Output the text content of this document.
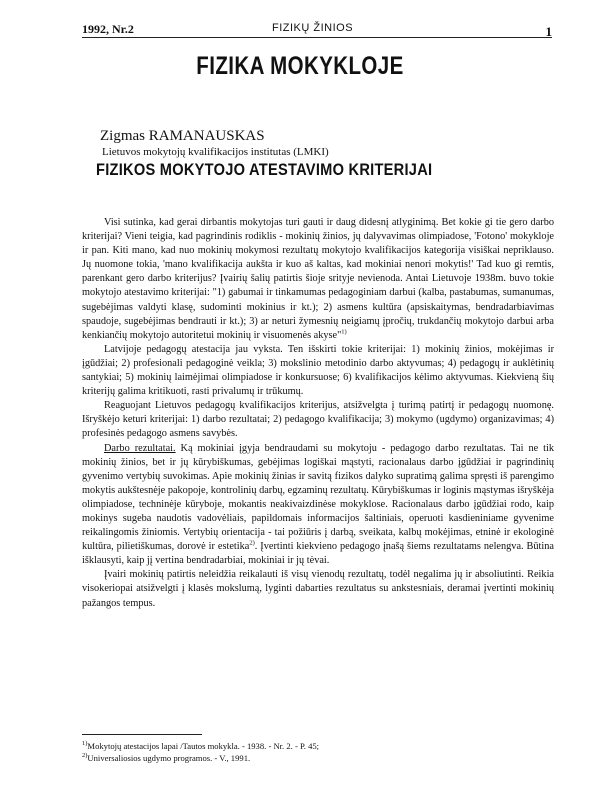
1992, Nr.2	FIZIKŲ ŽINIOS	1
FIZIKA MOKYKLOJE
Zigmas RAMANAUSKAS
Lietuvos mokytojų kvalifikacijos institutas (LMKI)
FIZIKOS MOKYTOJO ATESTAVIMO KRITERIJAI

Visi sutinka, kad gerai dirbantis mokytojas turi gauti ir daug didesnį atlyginimą. Bet kokie gi tie gero darbo kriterijai? Vieni teigia, kad pagrindinis rodiklis - mokinių žinios, jų dalyvavimas olimpiadose, 'Fotono' mokykloje ir pan. Kiti mano, kad nuo mokinių mokymosi rezultatų mokytojo kvalifikacijos kategorija visiškai nepriklauso. Jų nuomone tokia, 'mano kvalifikacija aukšta ir kuo aš kaltas, kad mokiniai nenori mokytis!' Tad kuo gi remtis, parenkant gero darbo kriterijus? Įvairių šalių patirtis šioje srityje nevienoda. Antai Lietuvoje 1938m. buvo tokie mokytojo atestavimo kriterijai: "1) gabumai ir tinkamumas pedagoginiam darbui (kalba, pastabumas, sumanumas, sugebėjimas valdyti klasę, sudominti mokinius ir kt.); 2) asmens kultūra (apsiskaitymas, bendradarbiavimas spaudoje, sugebėjimas bendrauti ir kt.); 3) ar neturi žymesnių neigiamų įpročių, trukdančių mokytojo darbui arba kenkiančių mokytojo autoritetui mokinių ir visuomenės akyse"$^{1)}$

Latvijoje pedagogų atestacija jau vyksta. Ten išskirti tokie kriterijai: 1) mokinių žinios, mokėjimas ir įgūdžiai; 2) profesionali pedagoginė veikla; 3) mokslinio metodinio darbo aktyvumas; 4) pedagogų ir auklėtinių santykiai; 5) mokinių laimėjimai olimpiadose ir konkursuose; 6) kvalifikacijos kėlimo aktyvumas. Kiekvieną šių kriterijų galima kritikuoti, rasti privalumų ir trūkumų.

Reaguojant Lietuvos pedagogų kvalifikacijos kriterijus, atsižvelgta į turimą patirtį ir pedagogų nuomonę. Išryškėjo keturi kriterijai: 1) darbo rezultatai; 2) pedagogo kvalifikacija; 3) mokymo (ugdymo) organizavimas; 4) profesinės pedagogo asmens savybės.

Darbo rezultatai. Ką mokiniai įgyja bendraudami su mokytoju - pedagogo darbo rezultatas. Tai ne tik mokinių žinios, bet ir jų kūrybiškumas, gebėjimas logiškai mąstyti, racionalaus darbo įgūdžiai ir pagrindinių gyvenimo vertybių suvokimas. Apie mokinių žinias ir savitą fizikos dalyko supratimą galima spręsti iš parengimo mokytis aukštesnėje pakopoje, kontrolinių darbų, egzaminų rezultatų. Kūrybiškumas ir loginis mąstymas išryškėja olimpiadose, techninėje kūryboje, mokantis neakivaizdinėse mokyklose. Racionalaus darbo įgūdžiai rodo, kaip mokinys sugeba naudotis vadovėliais, papildomais informacijos šaltiniais, operuoti kasdieniniame gyvenime reikalingomis žiniomis. Vertybių orientacija - tai požiūris į darbą, sveikata, kalbų mokėjimas, etninė ir ekologinė kultūra, pilietiškumas, dorovė ir estetika$^{2)}$. Įvertinti kiekvieno pedagogo įnašą šiems rezultatams nelengva. Būtina išklausyti, kaip jį vertina bendradarbiai, mokiniai ir jų tėvai.

Įvairi mokinių patirtis neleidžia reikalauti iš visų vienodų rezultatų, todėl negalima jų ir absoliutinti. Reikia visokeriopai atsižvelgti į klasės mokslumą, lyginti dabarties rezultatus su ankstesniais, deramai įvertinti mokinių pažangos tempus.

$^{1)}$Mokytojų atestacijos lapai /Tautos mokykla. - 1938. - Nr. 2. - P. 45;
$^{2)}$Universaliosios ugdymo programos. - V., 1991.
